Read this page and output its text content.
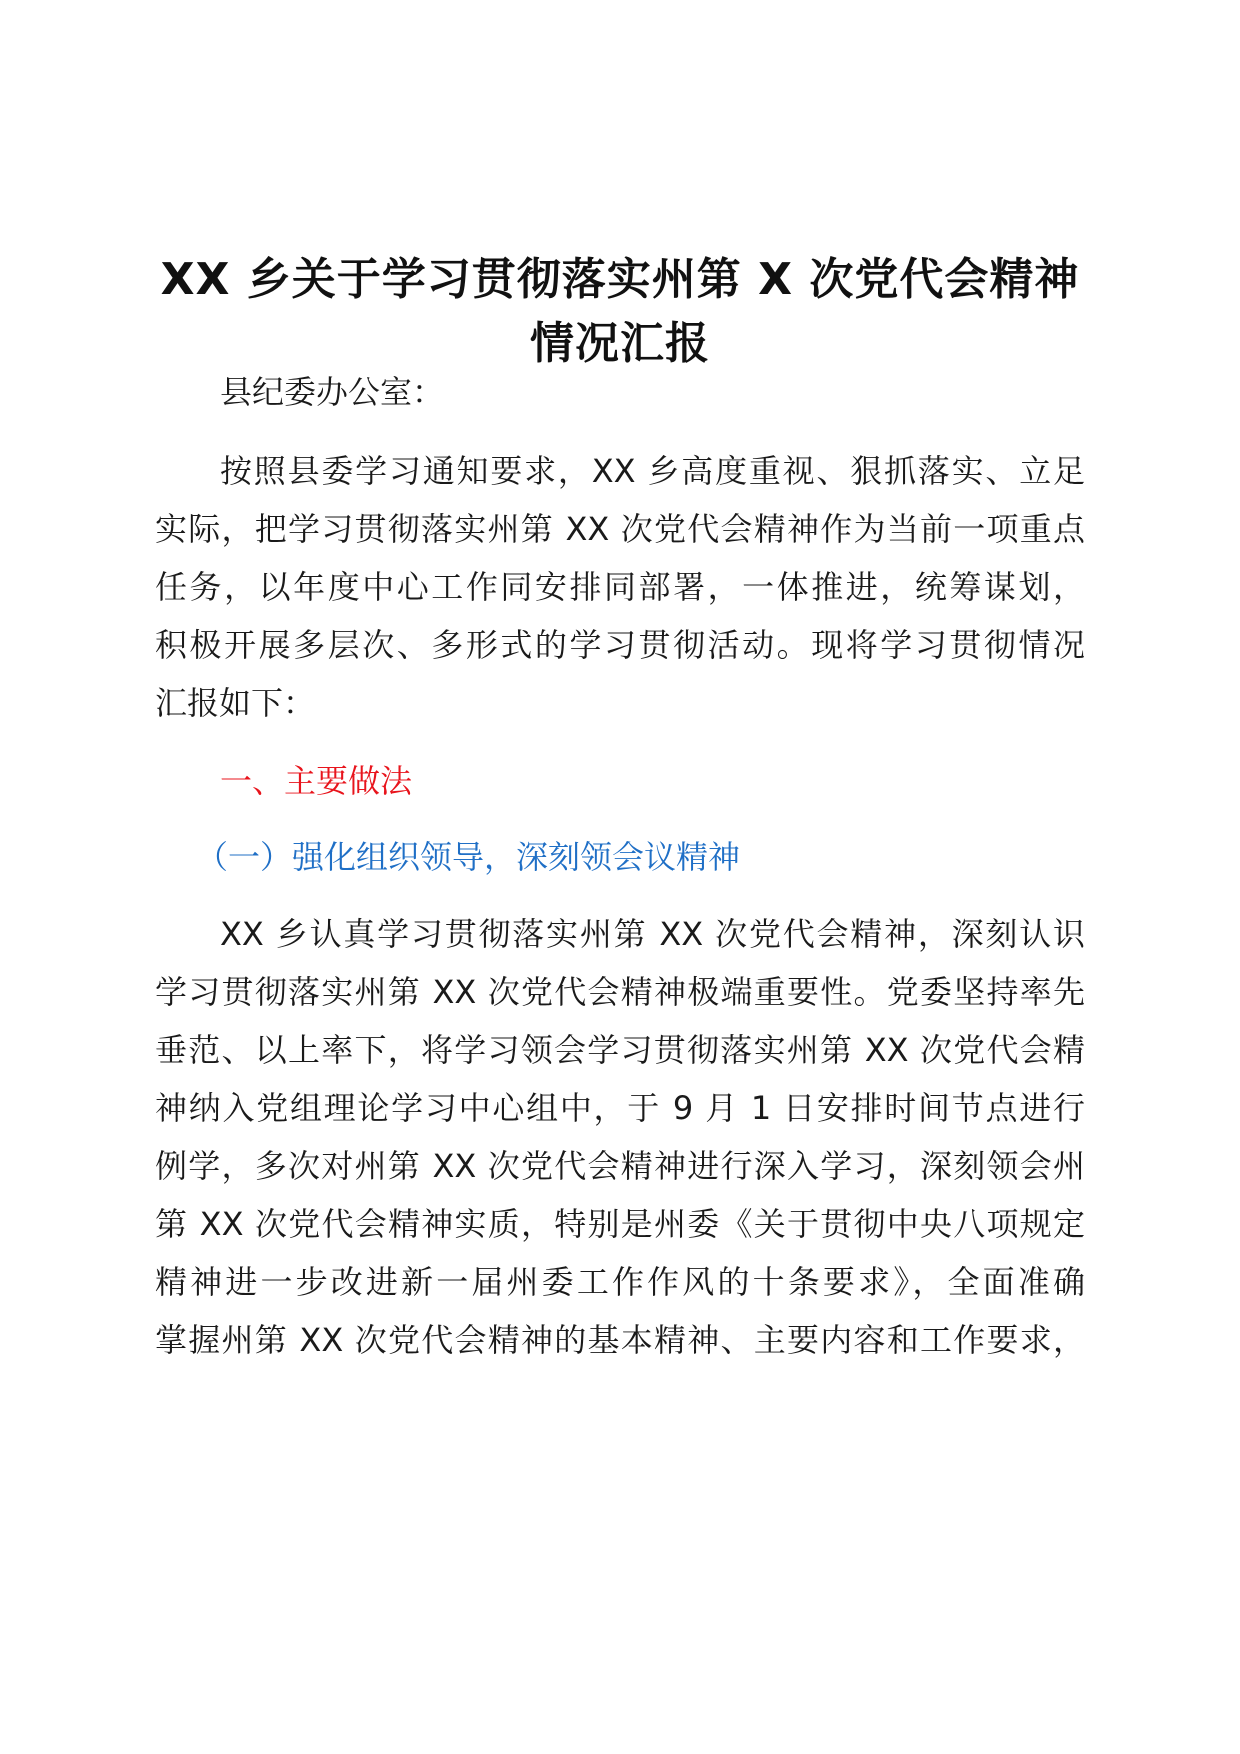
XX 乡关于学习贯彻落实州第 X 次党代会精神
情况汇报
县纪委办公室：
按照县委学习通知要求，XX 乡高度重视、狠抓落实、立足
实际，把学习贯彻落实州第 XX 次党代会精神作为当前一项重点
任务，以年度中心工作同安排同部署，一体推进，统筹谋划，
积极开展多层次、多形式的学习贯彻活动。现将学习贯彻情况
汇报如下：
一、主要做法
（一）强化组织领导，深刻领会议精神
XX 乡认真学习贯彻落实州第 XX 次党代会精神，深刻认识
学习贯彻落实州第 XX 次党代会精神极端重要性。党委坚持率先
垂范、以上率下，将学习领会学习贯彻落实州第 XX 次党代会精
神纳入党组理论学习中心组中，于 9 月 1 日安排时间节点进行
例学，多次对州第 XX 次党代会精神进行深入学习，深刻领会州
第 XX 次党代会精神实质，特别是州委《关于贯彻中央八项规定
精神进一步改进新一届州委工作作风的十条要求》，全面准确
掌握州第 XX 次党代会精神的基本精神、主要内容和工作要求，
